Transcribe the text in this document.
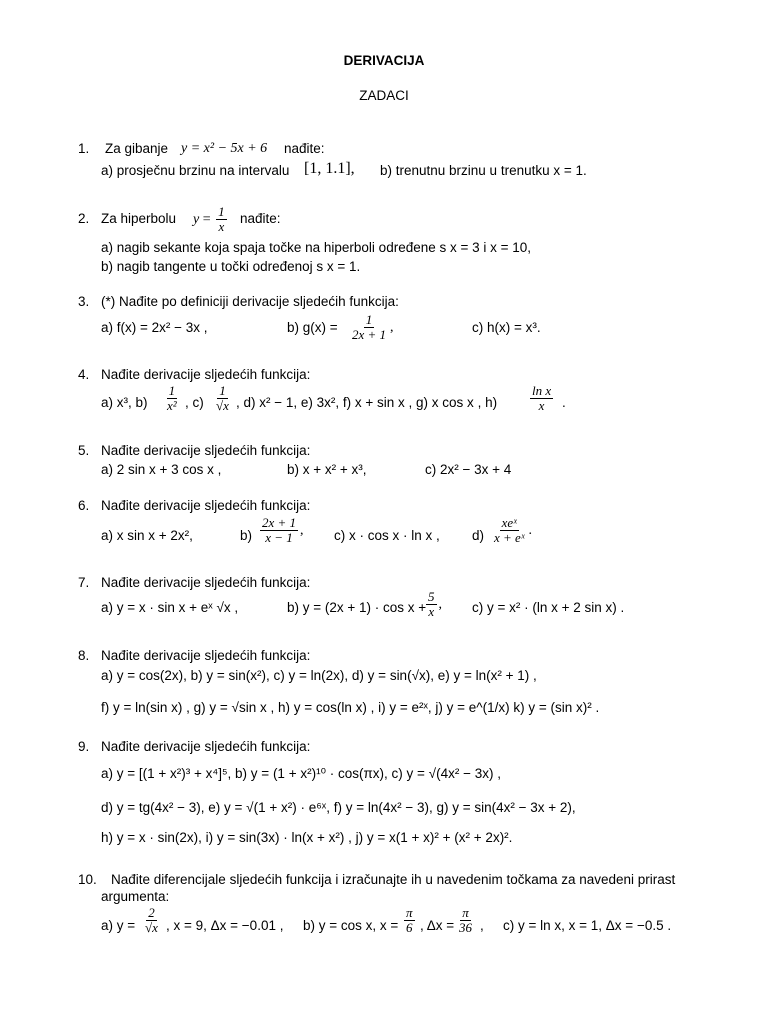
DERIVACIJA
ZADACI
1. Za gibanje y = x² − 5x + 6 nađite:
a) prosječnu brzinu na intervalu [1, 1.1], b) trenutnu brzinu u trenutku x = 1.
2. Za hiperbolu $y = \frac{1}{x}$ nađite:
a) nagib sekante koja spaja točke na hiperboli određene s x = 3 i x = 10,
b) nagib tangente u točki određenoj s x = 1.
3. (*) Nađite po definiciji derivacije sljedećih funkcija:
a) f(x) = 2x² − 3x ,	b) $g(x) = \frac{1}{2x + 1}$ ,	c) h(x) = x³.
4. Nađite derivacije sljedećih funkcija:
a) x³, $b) \frac{1}{\text{x²}}$ , $c) \frac{1}{√x}$ , d) x² − 1, e) 3x², f) x + sin x , g) x cos x , h)	$\frac{\text{ln x}}{x}$ .
5. Nađite derivacije sljedećih funkcija:
a) 2 sin x + 3 cos x ,	b) x + x² + x³,	c) 2x² − 3x + 4
6. Nađite derivacije sljedećih funkcija:
a) x sin x + 2x²,	$b) \frac{2x + 1}{x - 1}$ , c) x · cos x · ln x , $d) \frac{\text{xeˣ}}{\text{x + eˣ}}$ .
7. Nađite derivacije sljedećih funkcija:
a) y = x · sin x + eˣ √x ,	b) $y = (2x + 1) \cdot \cos x + \frac{5}{x}$ , c) y = x² · (ln x + 2 sin x) .
8. Nađite derivacije sljedećih funkcija:
a) y = cos(2x), b) y = sin(x²), c) y = ln(2x), d) y = sin(√x), e) y = ln(x² + 1) ,
f) y = ln(sin x) , g) y = √sin x , h) y = cos(ln x) , i) y = e²ˣ, j) y = e^(1/x) k) y = (sin x)² .
9. Nađite derivacije sljedećih funkcija:
a) y = [(1 + x²)³ + x⁴]⁵, b) y = (1 + x²)¹⁰ · cos(πx), c) y = √(4x² − 3x) ,
d) y = tg(4x² − 3), e) y = √(1 + x²) · e⁶ˣ, f) y = ln(4x² − 3), g) y = sin(4x² − 3x + 2),
h) y = x · sin(2x), i) y = sin(3x) · ln(x + x²) , j) y = x(1 + x)² + (x² + 2x)².
10. Nađite diferencijale sljedećih funkcija i izračunajte ih u navedenim točkama za navedeni prirast
argumenta:
a) $y = \frac{2}{√x}$ , x = 9, Δx = −0.01 , b) y = cos x, $x = \frac{\pi}{6}$ , $\Delta x = \frac{\pi}{36}$ , c) y = ln x, x = 1, Δx = −0.5 .
